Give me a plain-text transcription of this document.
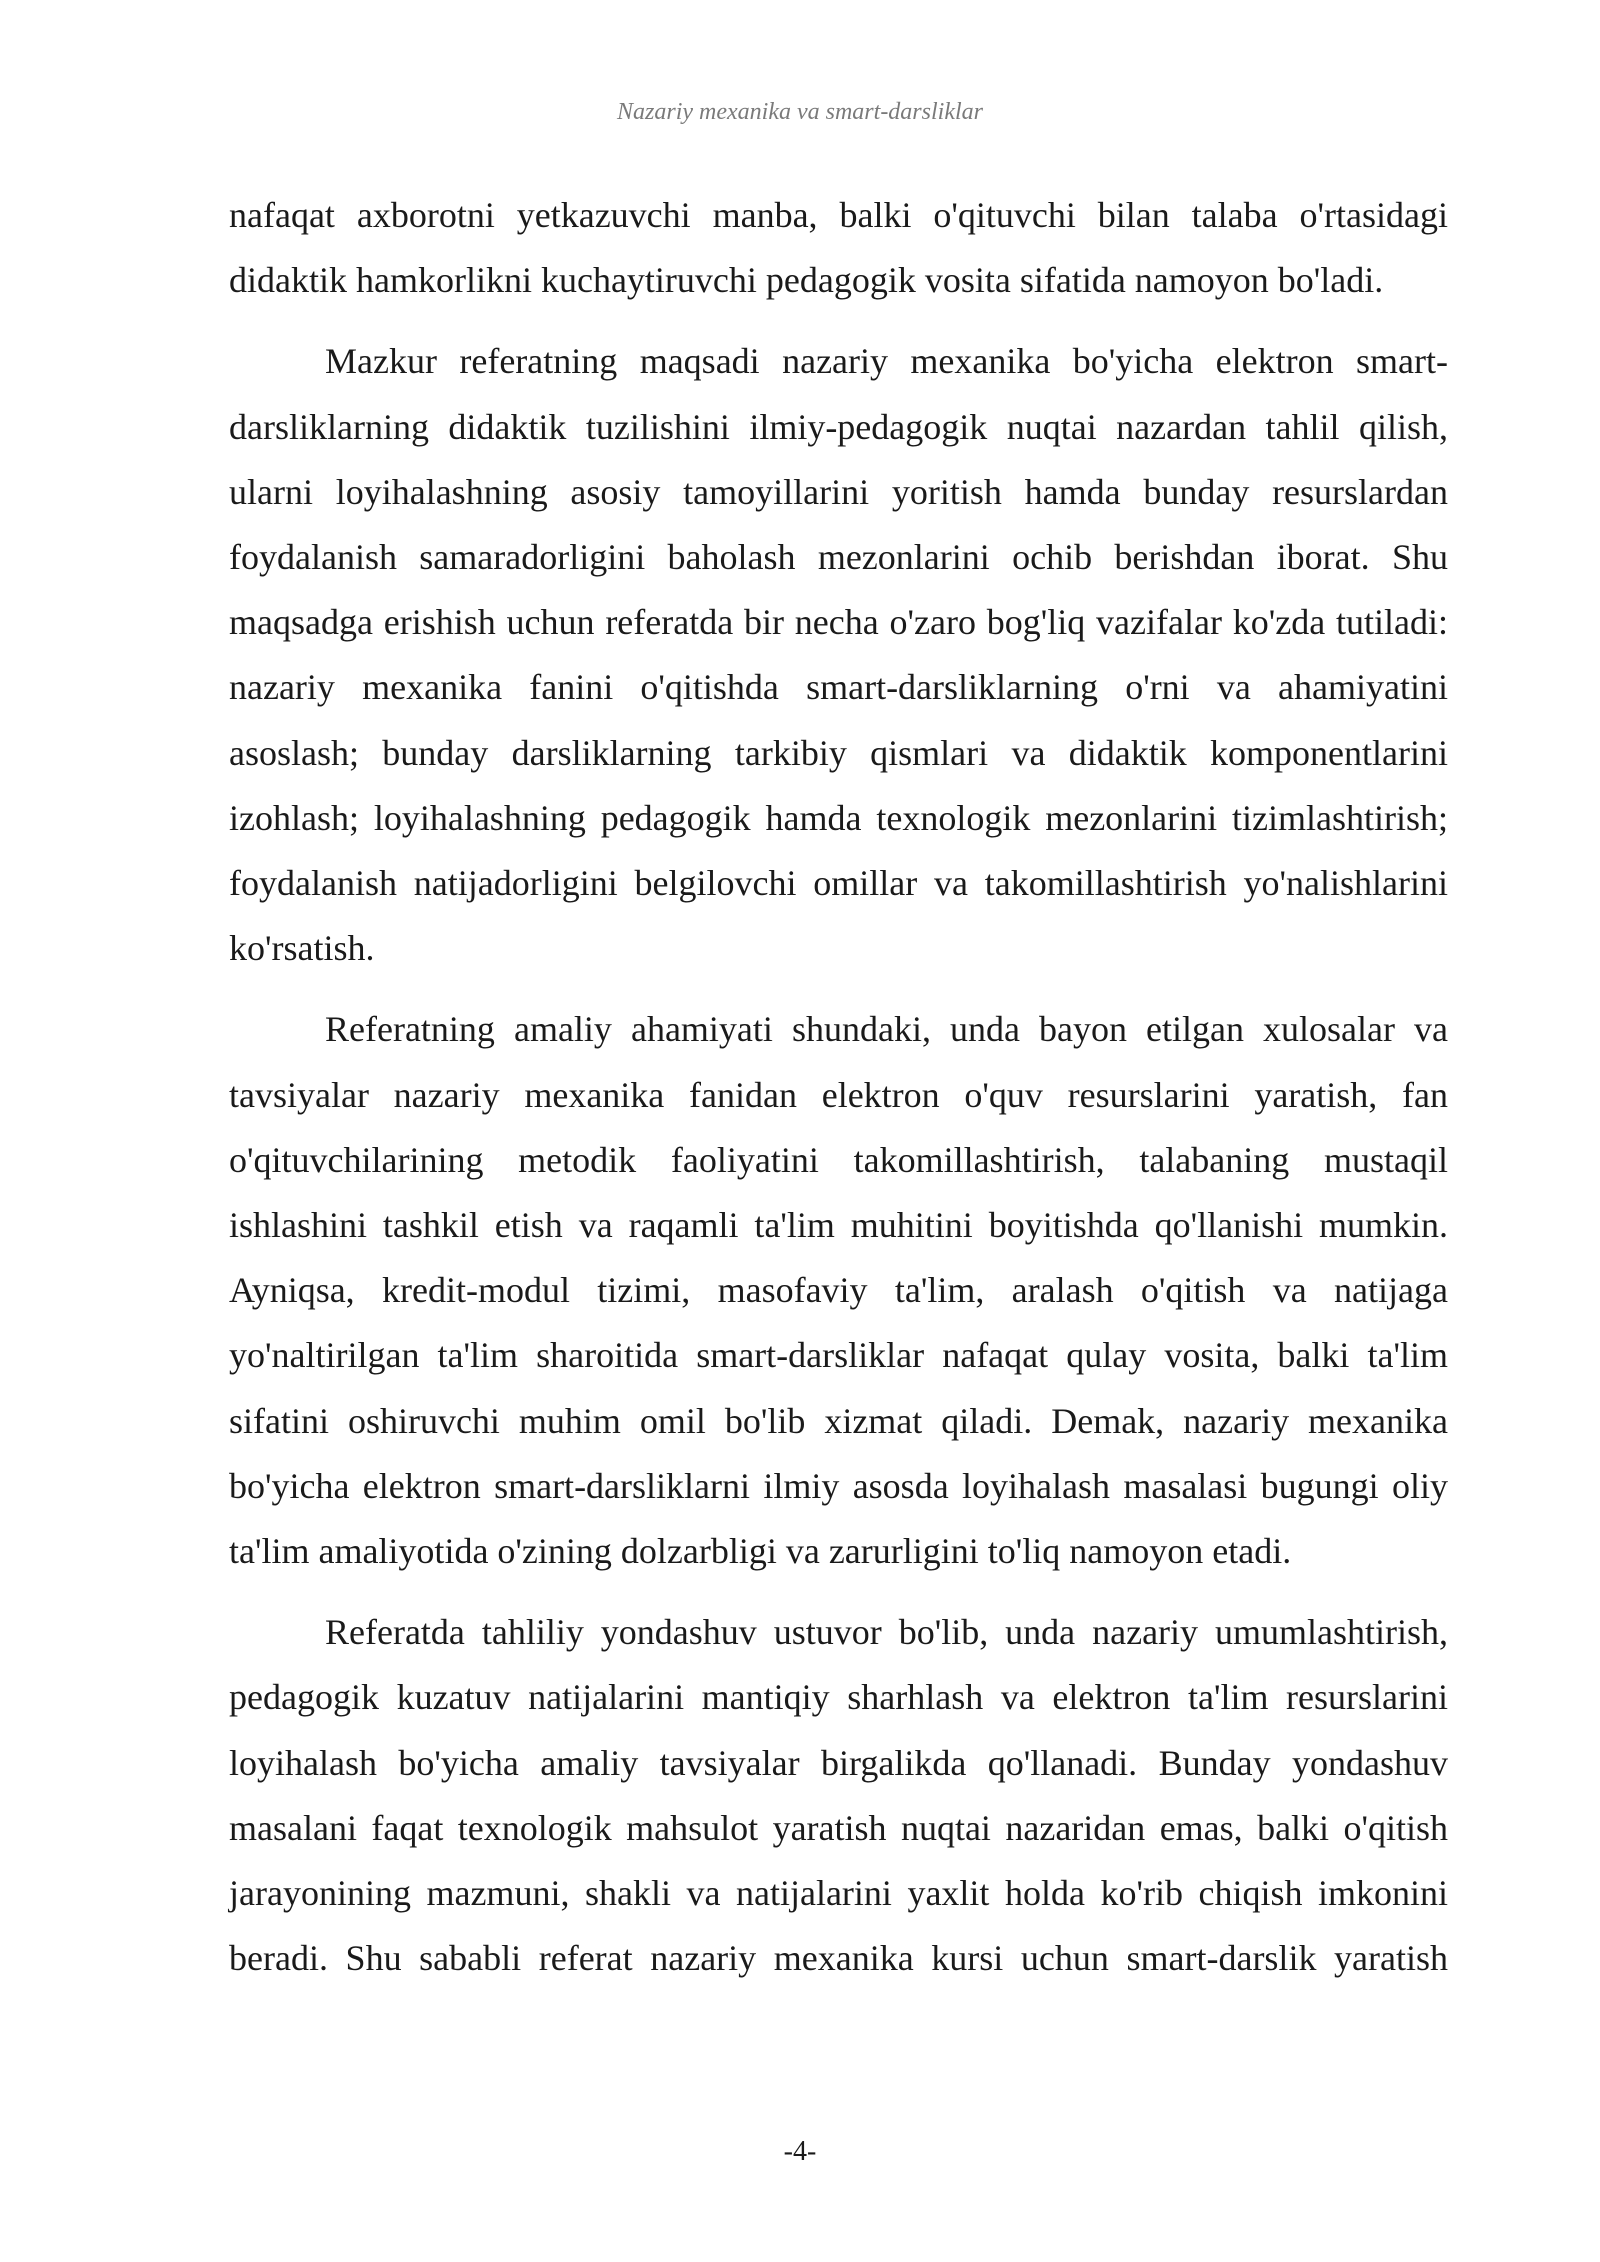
Nazariy mexanika va smart-darsliklar

nafaqat axborotni yetkazuvchi manba, balki o'qituvchi bilan talaba o'rtasidagi didaktik hamkorlikni kuchaytiruvchi pedagogik vosita sifatida namoyon bo'ladi.

Mazkur referatning maqsadi nazariy mexanika bo'yicha elektron smart-darsliklarning didaktik tuzilishini ilmiy-pedagogik nuqtai nazardan tahlil qilish, ularni loyihalashning asosiy tamoyillarini yoritish hamda bunday resurslardan foydalanish samaradorligini baholash mezonlarini ochib berishdan iborat. Shu maqsadga erishish uchun referatda bir necha o'zaro bog'liq vazifalar ko'zda tutiladi: nazariy mexanika fanini o'qitishda smart-darsliklarning o'rni va ahamiyatini asoslash; bunday darsliklarning tarkibiy qismlari va didaktik komponentlarini izohlash; loyihalashning pedagogik hamda texnologik mezonlarini tizimlashtirish; foydalanish natijadorligini belgilovchi omillar va takomillashtirish yo'nalishlarini ko'rsatish.

Referatning amaliy ahamiyati shundaki, unda bayon etilgan xulosalar va tavsiyalar nazariy mexanika fanidan elektron o'quv resurslarini yaratish, fan o'qituvchilarining metodik faoliyatini takomillashtirish, talabaning mustaqil ishlashini tashkil etish va raqamli ta'lim muhitini boyitishda qo'llanishi mumkin. Ayniqsa, kredit-modul tizimi, masofaviy ta'lim, aralash o'qitish va natijaga yo'naltirilgan ta'lim sharoitida smart-darsliklar nafaqat qulay vosita, balki ta'lim sifatini oshiruvchi muhim omil bo'lib xizmat qiladi. Demak, nazariy mexanika bo'yicha elektron smart-darsliklarni ilmiy asosda loyihalash masalasi bugungi oliy ta'lim amaliyotida o'zining dolzarbligi va zarurligini to'liq namoyon etadi.

Referatda tahliliy yondashuv ustuvor bo'lib, unda nazariy umumlashtirish, pedagogik kuzatuv natijalarini mantiqiy sharhlash va elektron ta'lim resurslarini loyihalash bo'yicha amaliy tavsiyalar birgalikda qo'llanadi. Bunday yondashuv masalani faqat texnologik mahsulot yaratish nuqtai nazaridan emas, balki o'qitish jarayonining mazmuni, shakli va natijalarini yaxlit holda ko'rib chiqish imkonini beradi. Shu sababli referat nazariy mexanika kursi uchun smart-darslik yaratish

-4-
